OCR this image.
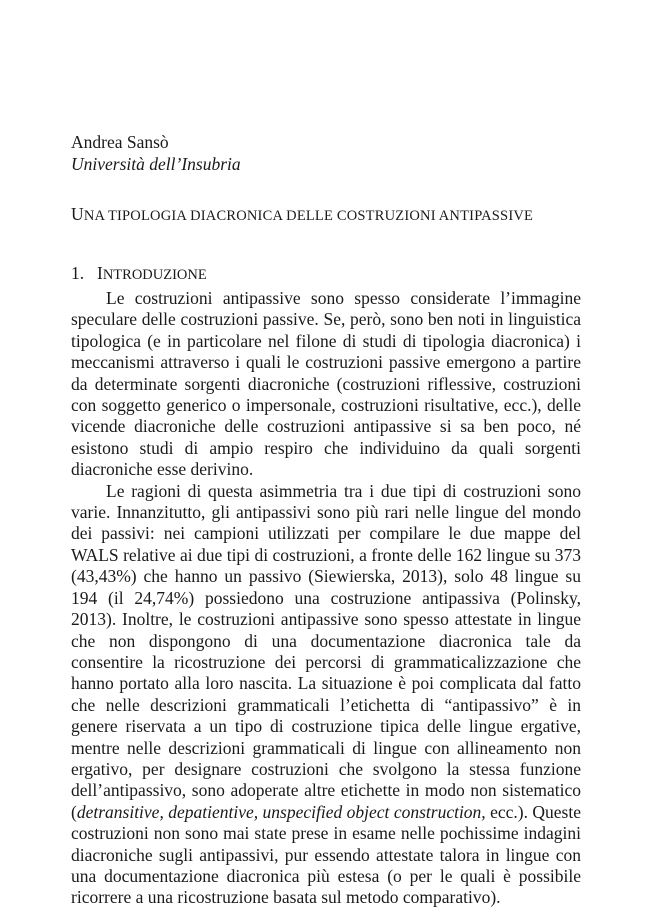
Andrea Sansò
Università dell’Insubria
UNA TIPOLOGIA DIACRONICA DELLE COSTRUZIONI ANTIPASSIVE
1. INTRODUZIONE

Le costruzioni antipassive sono spesso considerate l’immagine speculare delle costruzioni passive. Se, però, sono ben noti in linguistica tipologica (e in particolare nel filone di studi di tipologia diacronica) i meccanismi attraverso i quali le costruzioni passive emergono a partire da determinate sorgenti diacroniche (costruzioni riflessive, costruzioni con soggetto generico o impersonale, costruzioni risultative, ecc.), delle vicende diacroniche delle costruzioni antipassive si sa ben poco, né esistono studi di ampio respiro che individuino da quali sorgenti diacroniche esse derivino.

Le ragioni di questa asimmetria tra i due tipi di costruzioni sono varie. Innanzitutto, gli antipassivi sono più rari nelle lingue del mondo dei passivi: nei campioni utilizzati per compilare le due mappe del WALS relative ai due tipi di costruzioni, a fronte delle 162 lingue su 373 (43,43%) che hanno un passivo (Siewierska, 2013), solo 48 lingue su 194 (il 24,74%) possiedono una costruzione antipassiva (Polinsky, 2013). Inoltre, le costruzioni antipassive sono spesso attestate in lingue che non dispongono di una documentazione diacronica tale da consentire la ricostruzione dei percorsi di grammaticalizzazione che hanno portato alla loro nascita. La situazione è poi complicata dal fatto che nelle descrizioni grammaticali l’etichetta di “antipassivo” è in genere riservata a un tipo di costruzione tipica delle lingue ergative, mentre nelle descrizioni grammaticali di lingue con allineamento non ergativo, per designare costruzioni che svolgono la stessa funzione dell’antipassivo, sono adoperate altre etichette in modo non sistematico (detransitive, depatientive, unspecified object construction, ecc.). Queste costruzioni non sono mai state prese in esame nelle pochissime indagini diacroniche sugli antipassivi, pur essendo attestate talora in lingue con una documentazione diacronica più estesa (o per le quali è possibile ricorrere a una ricostruzione basata sul metodo comparativo).
